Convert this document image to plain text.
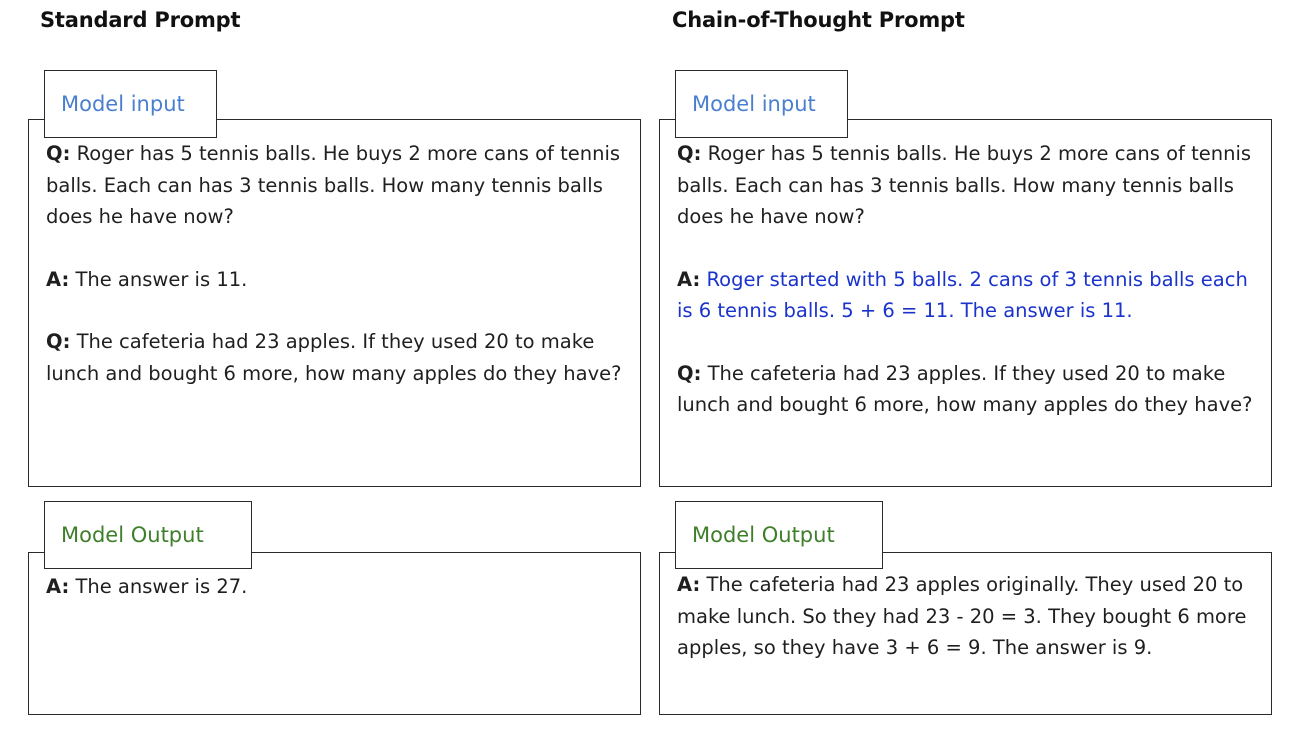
Standard Prompt	Chain-of-Thought Prompt
Model input

Q: Roger has 5 tennis balls. He buys 2 more cans of tennis balls. Each can has 3 tennis balls. How many tennis balls does he have now?

A: The answer is 11.

Q: The cafeteria had 23 apples. If they used 20 to make lunch and bought 6 more, how many apples do they have?

Model Output

A: The answer is 27.

Model input

Q: Roger has 5 tennis balls. He buys 2 more cans of tennis balls. Each can has 3 tennis balls. How many tennis balls does he have now?

A: Roger started with 5 balls. 2 cans of 3 tennis balls each is 6 tennis balls. 5 + 6 = 11. The answer is 11.

Q: The cafeteria had 23 apples. If they used 20 to make lunch and bought 6 more, how many apples do they have?

Model Output

A: The cafeteria had 23 apples originally. They used 20 to make lunch. So they had 23 - 20 = 3. They bought 6 more apples, so they have 3 + 6 = 9. The answer is 9.
